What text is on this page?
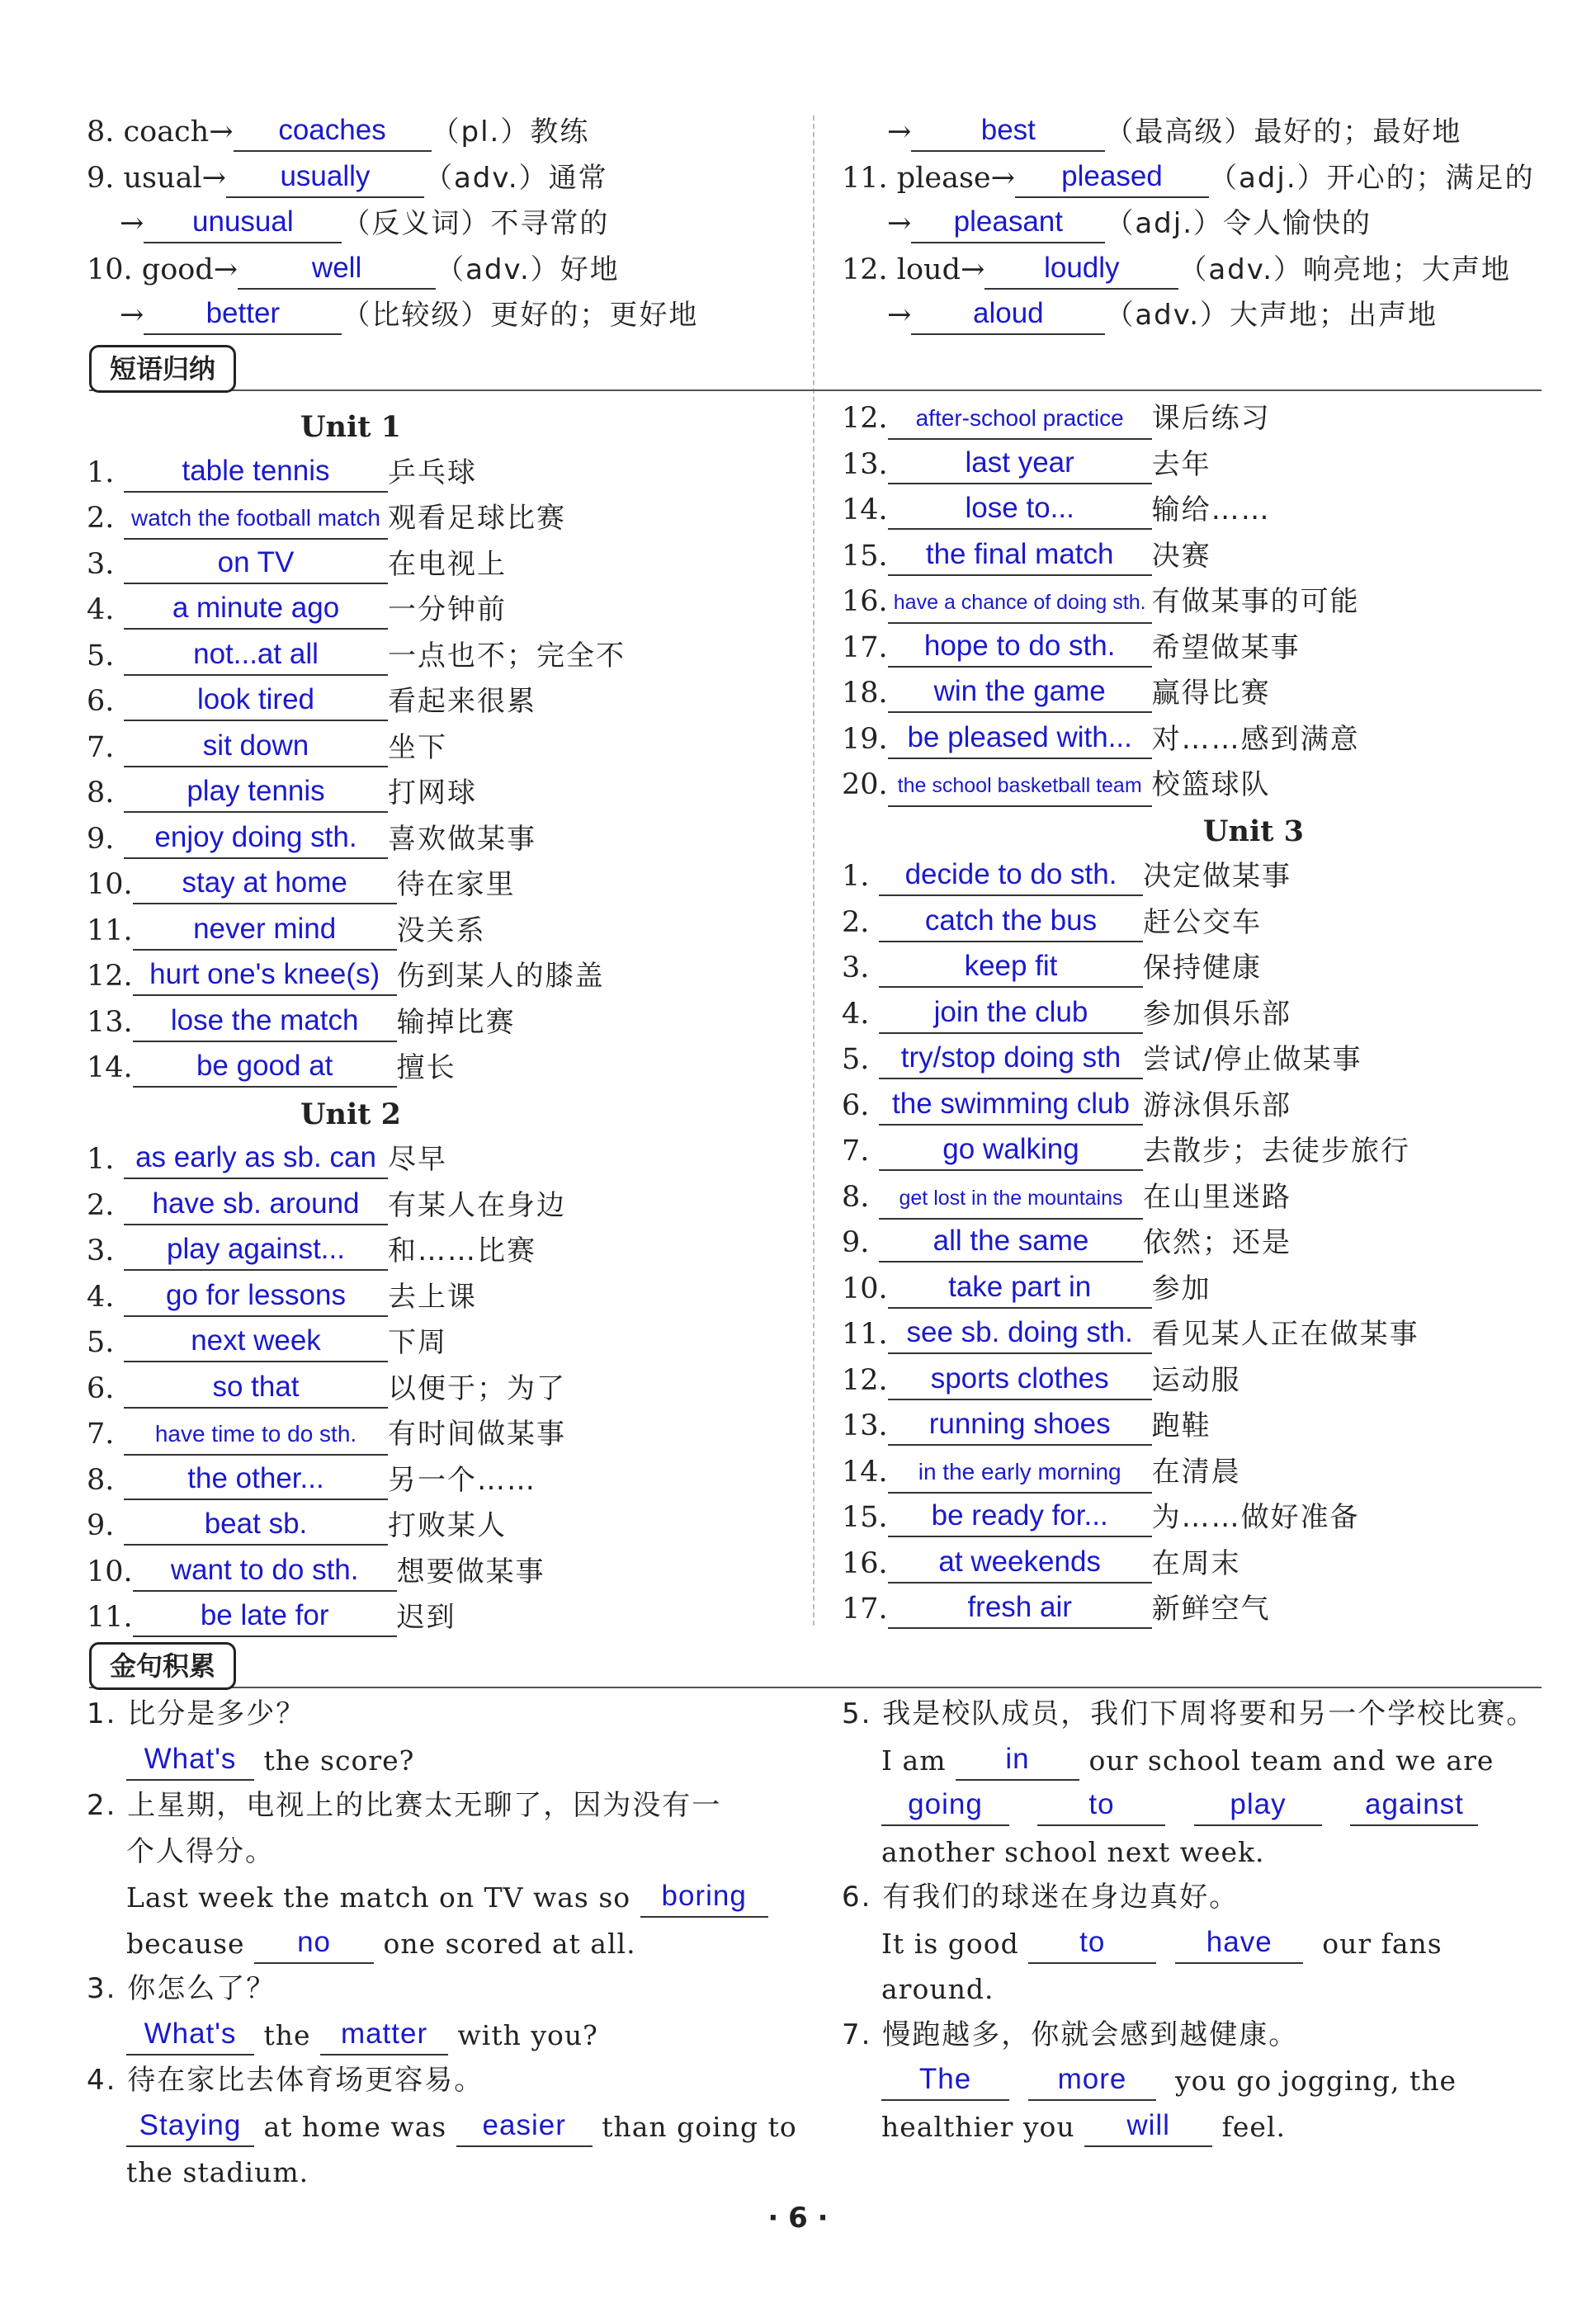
8. coach→ coaches （pl.）教练
9. usual→ usually （adv.）通常
→ unusual （反义词）不寻常的
10. good→	well	（adv.）好地
→ better （比较级）更好的；更好地
→ best （最高级）最好的；最好地
11. please→ pleased （adj.）开心的；满足的
→ pleasant （adj.）令人愉快的
12. loud→ loudly （adv.）响亮地；大声地
→ aloud （adv.）大声地；出声地
短语归纳
Unit 1
1. table tennis 乒乓球
2. watch the football match 观看足球比赛
3.	on TV	在电视上
4. a minute ago 一分钟前
5.	not...at all 一点也不；完全不
6.	look tired	看起来很累
7.	sit down	坐下
8.	play tennis 打网球
9. enjoy doing sth. 喜欢做某事
10. stay at home 待在家里
11. never mind 没关系
12. hurt one's knee(s) 伤到某人的膝盖
13. lose the match 输掉比赛
14. be good at 擅长
Unit 2
1. as early as sb. can 尽早
2. have sb. around 有某人在身边
3. play against... 和……比赛
4. go for lessons 去上课
5.	next week 下周
6.	so that	以便于；为了
7. have time to do sth. 有时间做某事
8.	the other... 另一个……
9.	beat sb.	打败某人
10. want to do sth. 想要做某事
11. be late for 迟到
12. after-school practice 课后练习
13.	last year	去年
14.	lose to...	输给……
15. the final match 决赛
16. have a chance of doing sth. 有做某事的可能
17. hope to do sth. 希望做某事
18. win the game 赢得比赛
19. be pleased with... 对……感到满意
20. the school basketball team 校篮球队
Unit 3
1. decide to do sth. 决定做某事
2. catch the bus 赶公交车
3.	keep fit	保持健康
4. join the club 参加俱乐部
5. try/stop doing sth 尝试/停止做某事
6. the swimming club 游泳俱乐部
7.	go walking 去散步；去徒步旅行
8. get lost in the mountains 在山里迷路
9. all the same 依然；还是
10. take part in 参加
11. see sb. doing sth. 看见某人正在做某事
12. sports clothes 运动服
13. running shoes 跑鞋
14. in the early morning 在清晨
15. be ready for... 为……做好准备
16. at weekends 在周末
17.	fresh air	新鲜空气
金句积累
1. 比分是多少？
What's the score?
2. 上星期，电视上的比赛太无聊了，因为没有一
个人得分。
Last week the match on TV was so boring
because no one scored at all.
3. 你怎么了？
What's the matter with you?
4. 待在家比去体育场更容易。
Staying at home was easier than going to
the stadium.
5. 我是校队成员，我们下周将要和另一个学校比赛。
I am in our school team and we are
going	to	play	against
another school next week.
6. 有我们的球迷在身边真好。
It is good to	have our fans
around.
7. 慢跑越多，你就会感到越健康。
The	more you go jogging, the
healthier you will feel.
· 6 ·
